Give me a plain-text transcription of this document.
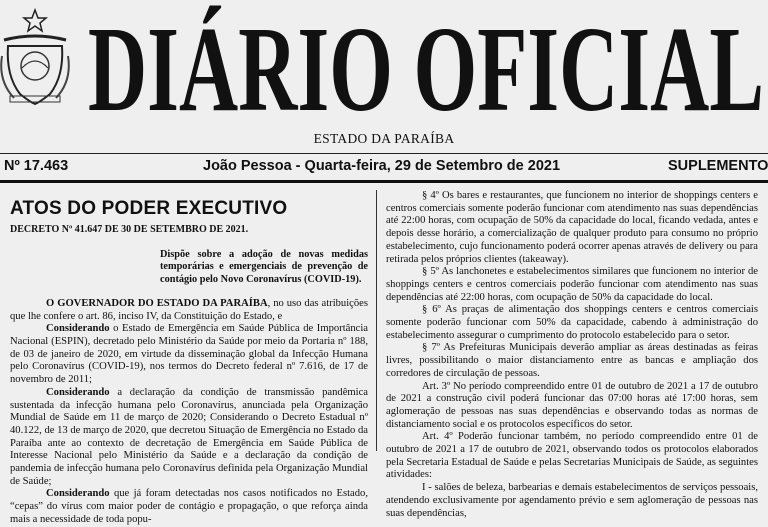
DIÁRIO OFICIAL
ESTADO DA PARAÍBA
Nº 17.463	João Pessoa - Quarta-feira, 29 de Setembro de 2021	SUPLEMENTO
ATOS DO PODER EXECUTIVO
DECRETO Nº 41.647 DE 30 DE SETEMBRO DE 2021.
Dispõe sobre a adoção de novas medidas temporárias e emergenciais de prevenção de contágio pelo Novo Coronavírus (COVID-19).

O GOVERNADOR DO ESTADO DA PARAÍBA, no uso das atribuições que lhe confere o art. 86, inciso IV, da Constituição do Estado, e

Considerando o Estado de Emergência em Saúde Pública de Importância Nacional (ESPIN), decretado pelo Ministério da Saúde por meio da Portaria nº 188, de 03 de janeiro de 2020, em virtude da disseminação global da Infecção Humana pelo Coronavírus (COVID-19), nos termos do Decreto federal nº 7.616, de 17 de novembro de 2011;

Considerando a declaração da condição de transmissão pandêmica sustentada da infecção humana pelo Coronavírus, anunciada pela Organização Mundial de Saúde em 11 de março de 2020; Considerando o Decreto Estadual nº 40.122, de 13 de março de 2020, que decretou Situação de Emergência no Estado da Paraíba ante ao contexto de decretação de Emergência em Saúde Pública de Interesse Nacional pelo Ministério da Saúde e a declaração da condição de pandemia de infecção humana pelo Coronavírus definida pela Organização Mundial de Saúde;

Considerando que já foram detectadas nos casos notificados no Estado, “cepas” do vírus com maior poder de contágio e propagação, o que reforça ainda mais a necessidade de toda popu-

§ 4º Os bares e restaurantes, que funcionem no interior de shoppings centers e centros comerciais somente poderão funcionar com atendimento nas suas dependências até 22:00 horas, com ocupação de 50% da capacidade do local, ficando vedada, antes e depois desse horário, a comercialização de qualquer produto para consumo no próprio estabelecimento, cujo funcionamento poderá ocorrer apenas através de delivery ou para retirada pelos próprios clientes (takeaway).

§ 5º As lanchonetes e estabelecimentos similares que funcionem no interior de shoppings centers e centros comerciais poderão funcionar com atendimento nas suas dependências até 22:00 horas, com ocupação de 50% da capacidade do local.

§ 6º As praças de alimentação dos shoppings centers e centros comerciais somente poderão funcionar com 50% da capacidade, cabendo à administração do estabelecimento assegurar o cumprimento do protocolo estabelecido para o setor.

§ 7º As Prefeituras Municipais deverão ampliar as áreas destinadas as feiras livres, possibilitando o maior distanciamento entre as bancas e ampliação dos corredores de circulação de pessoas.

Art. 3º No período compreendido entre 01 de outubro de 2021 a 17 de outubro de 2021 a construção civil poderá funcionar das 07:00 horas até 17:00 horas, sem aglomeração de pessoas nas suas dependências e observando todas as normas de distanciamento social e os protocolos específicos do setor.

Art. 4º Poderão funcionar também, no período compreendido entre 01 de outubro de 2021 a 17 de outubro de 2021, observando todos os protocolos elaborados pela Secretaria Estadual de Saúde e pelas Secretarias Municipais de Saúde, as seguintes atividades:

I - salões de beleza, barbearias e demais estabelecimentos de serviços pessoais, atendendo exclusivamente por agendamento prévio e sem aglomeração de pessoas nas suas dependências,
